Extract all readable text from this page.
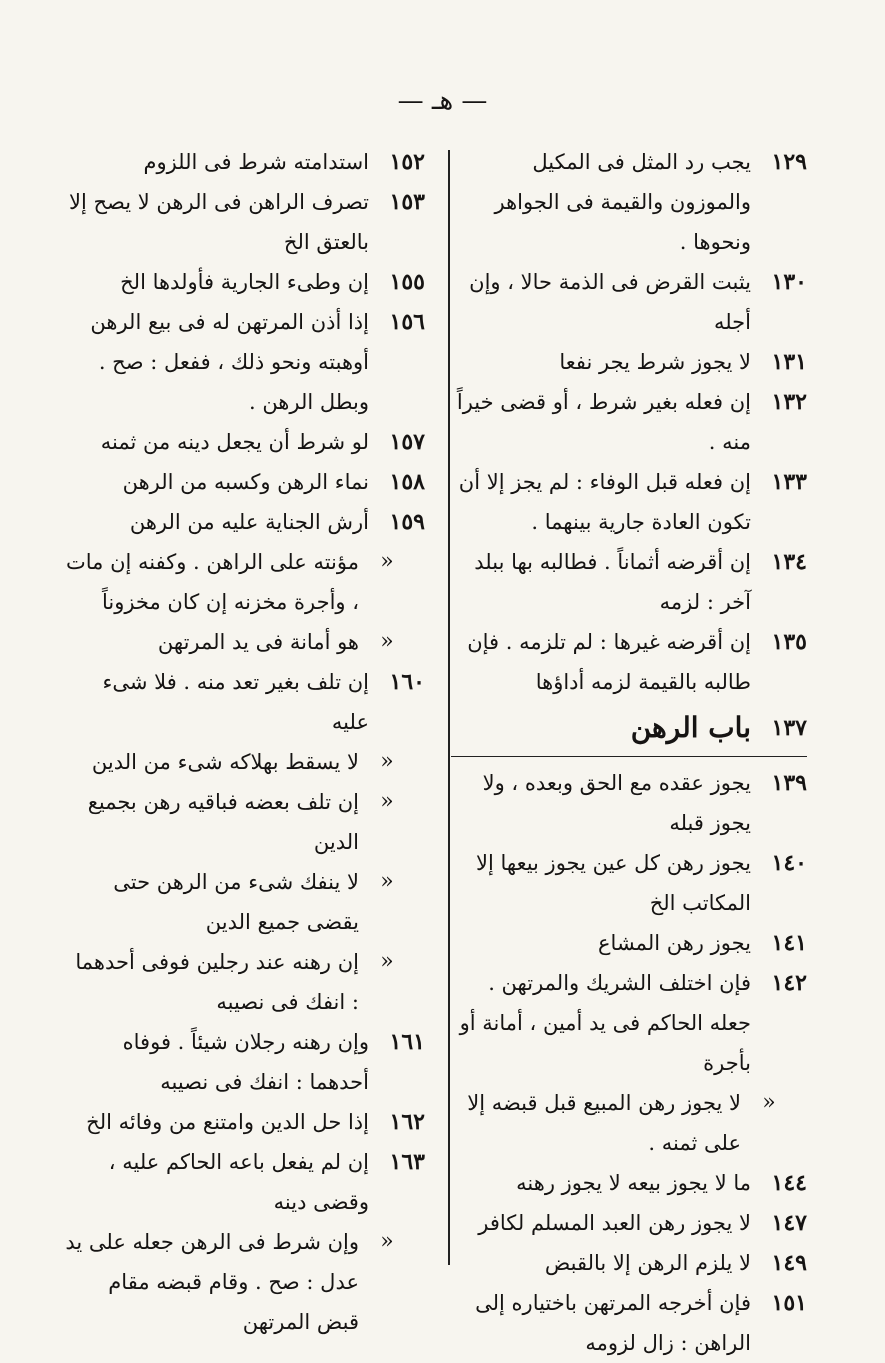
— هـ —
١٢٩
يجب رد المثل فى المكيل والموزون والقيمة فى الجواهر ونحوها .
١٣٠
يثبت القرض فى الذمة حالا ، وإن أجله
١٣١
لا يجوز شرط يجر نفعا
١٣٢
إن فعله بغير شرط ، أو قضى خيراً منه .
١٣٣
إن فعله قبل الوفاء : لم يجز إلا أن تكون العادة جارية بينهما .
١٣٤
إن أقرضه أثماناً . فطالبه بها ببلد آخر : لزمه
١٣٥
إن أقرضه غيرها : لم تلزمه . فإن طالبه بالقيمة لزمه أداؤها
١٣٧
باب الرهن
١٣٩
يجوز عقده مع الحق وبعده ، ولا يجوز قبله
١٤٠
يجوز رهن كل عين يجوز بيعها إلا المكاتب الخ
١٤١
يجوز رهن المشاع
١٤٢
فإن اختلف الشريك والمرتهن . جعله الحاكم فى يد أمين ، أمانة أو بأجرة
«
لا يجوز رهن المبيع قبل قبضه إلا على ثمنه .
١٤٤
ما لا يجوز بيعه لا يجوز رهنه
١٤٧
لا يجوز رهن العبد المسلم لكافر
١٤٩
لا يلزم الرهن إلا بالقبض
١٥١
فإن أخرجه المرتهن باختياره إلى الراهن : زال لزومه
١٥٢
استدامته شرط فى اللزوم
١٥٣
تصرف الراهن فى الرهن لا يصح إلا بالعتق الخ
١٥٥
إن وطىء الجارية فأولدها الخ
١٥٦
إذا أذن المرتهن له فى بيع الرهن أوهبته ونحو ذلك ، ففعل : صح . وبطل الرهن .
١٥٧
لو شرط أن يجعل دينه من ثمنه
١٥٨
نماء الرهن وكسبه من الرهن
١٥٩
أرش الجناية عليه من الرهن
«
مؤنته على الراهن . وكفنه إن مات ، وأجرة مخزنه إن كان مخزوناً
«
هو أمانة فى يد المرتهن
١٦٠
إن تلف بغير تعد منه . فلا شىء عليه
«
لا يسقط بهلاكه شىء من الدين
«
إن تلف بعضه فباقيه رهن بجميع الدين
«
لا ينفك شىء من الرهن حتى يقضى جميع الدين
«
إن رهنه عند رجلين فوفى أحدهما : انفك فى نصيبه
١٦١
وإن رهنه رجلان شيئاً . فوفاه أحدهما : انفك فى نصيبه
١٦٢
إذا حل الدين وامتنع من وفائه الخ
١٦٣
إن لم يفعل باعه الحاكم عليه ، وقضى دينه
«
وإن شرط فى الرهن جعله على يد عدل : صح . وقام قبضه مقام قبض المرتهن
